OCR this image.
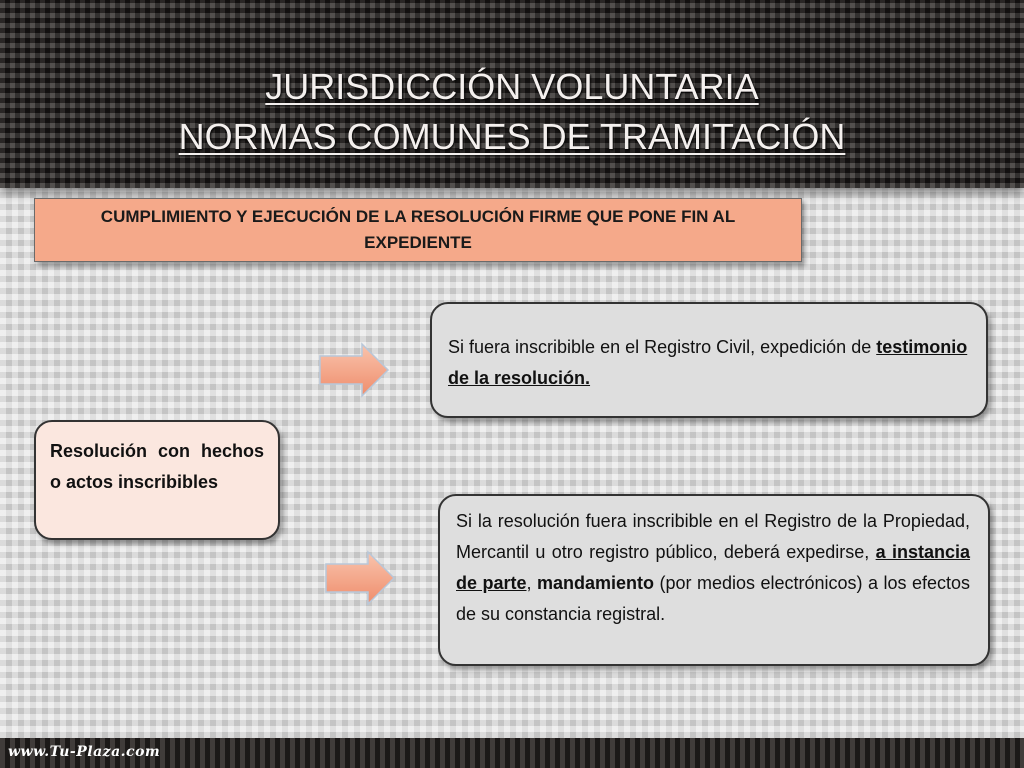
JURISDICCIÓN VOLUNTARIA
NORMAS COMUNES DE TRAMITACIÓN
CUMPLIMIENTO Y EJECUCIÓN DE LA RESOLUCIÓN FIRME QUE PONE FIN AL EXPEDIENTE
Resolución con hechos o actos inscribibles
Si fuera inscribible en el Registro Civil, expedición de testimonio de la resolución.
Si la resolución fuera inscribible en el Registro de la Propiedad, Mercantil u otro registro público, deberá expedirse, a instancia de parte, mandamiento (por medios electrónicos) a los efectos de su constancia registral.
www.Tu-Plaza.com
